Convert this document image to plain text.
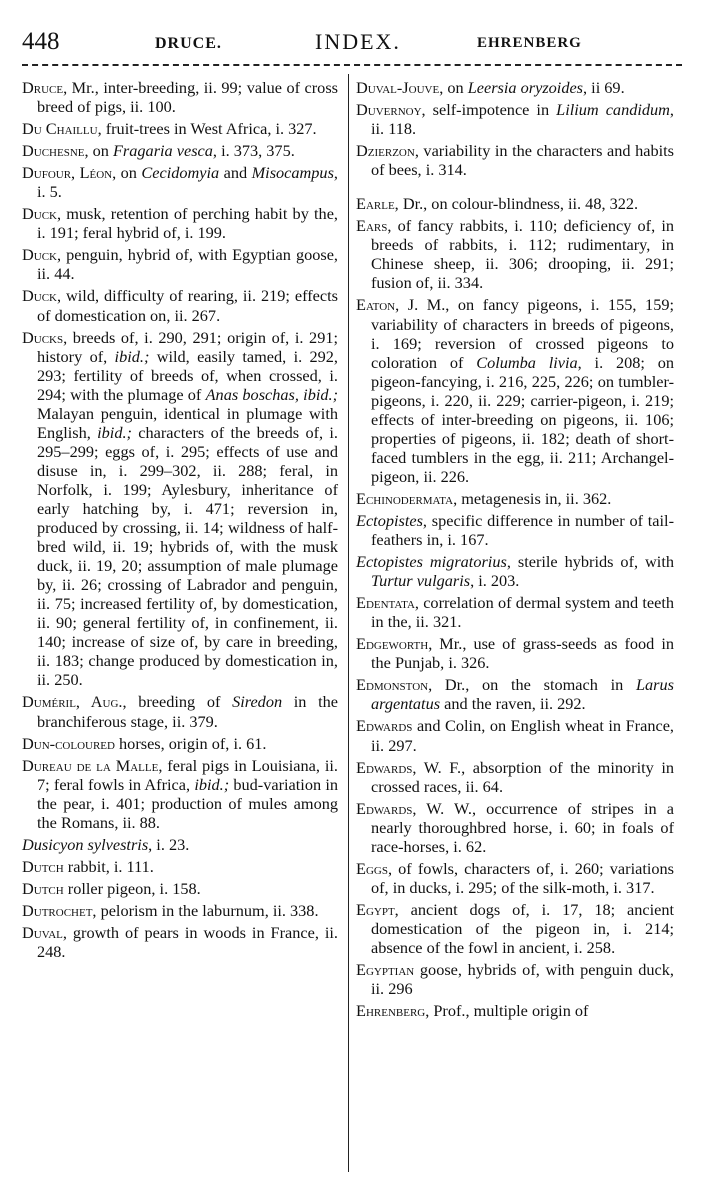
448	DRUCE.	INDEX.	EHRENBERG
Druce, Mr., inter-breeding, ii. 99; value of cross breed of pigs, ii. 100.
Du Chaillu, fruit-trees in West Africa, i. 327.
Duchesne, on Fragaria vesca, i. 373, 375.
Dufour, Léon, on Cecidomyia and Misocampus, i. 5.
Duck, musk, retention of perching habit by the, i. 191; feral hybrid of, i. 199.
Duck, penguin, hybrid of, with Egyptian goose, ii. 44.
Duck, wild, difficulty of rearing, ii. 219; effects of domestication on, ii. 267.
Ducks, breeds of, i. 290, 291; origin of, i. 291; history of, ibid.; wild, easily tamed, i. 292, 293; fertility of breeds of, when crossed, i. 294; with the plumage of Anas boschas, ibid.; Malayan penguin, identical in plumage with English, ibid.; characters of the breeds of, i. 295–299; eggs of, i. 295; effects of use and disuse in, i. 299–302, ii. 288; feral, in Norfolk, i. 199; Aylesbury, inheritance of early hatching by, i. 471; reversion in, produced by crossing, ii. 14; wildness of half-bred wild, ii. 19; hybrids of, with the musk duck, ii. 19, 20; assumption of male plumage by, ii. 26; crossing of Labrador and penguin, ii. 75; increased fertility of, by domestication, ii. 90; general fertility of, in confinement, ii. 140; increase of size of, by care in breeding, ii. 183; change produced by domestication in, ii. 250.
Duméril, Aug., breeding of Siredon in the branchiferous stage, ii. 379.
Dun-coloured horses, origin of, i. 61.
Dureau de la Malle, feral pigs in Louisiana, ii. 7; feral fowls in Africa, ibid.; bud-variation in the pear, i. 401; production of mules among the Romans, ii. 88.
Dusicyon sylvestris, i. 23.
Dutch rabbit, i. 111.
Dutch roller pigeon, i. 158.
Dutrochet, pelorism in the laburnum, ii. 338.
Duval, growth of pears in woods in France, ii. 248.
Duval-Jouve, on Leersia oryzoides, ii 69.
Duvernoy, self-impotence in Lilium candidum, ii. 118.
Dzierzon, variability in the characters and habits of bees, i. 314.
Earle, Dr., on colour-blindness, ii. 48, 322.
Ears, of fancy rabbits, i. 110; deficiency of, in breeds of rabbits, i. 112; rudimentary, in Chinese sheep, ii. 306; drooping, ii. 291; fusion of, ii. 334.
Eaton, J. M., on fancy pigeons, i. 155, 159; variability of characters in breeds of pigeons, i. 169; reversion of crossed pigeons to coloration of Columba livia, i. 208; on pigeon-fancying, i. 216, 225, 226; on tumbler-pigeons, i. 220, ii. 229; carrier-pigeon, i. 219; effects of inter-breeding on pigeons, ii. 106; properties of pigeons, ii. 182; death of short-faced tumblers in the egg, ii. 211; Archangel-pigeon, ii. 226.
Echinodermata, metagenesis in, ii. 362.
Ectopistes, specific difference in number of tail-feathers in, i. 167.
Ectopistes migratorius, sterile hybrids of, with Turtur vulgaris, i. 203.
Edentata, correlation of dermal system and teeth in the, ii. 321.
Edgeworth, Mr., use of grass-seeds as food in the Punjab, i. 326.
Edmonston, Dr., on the stomach in Larus argentatus and the raven, ii. 292.
Edwards and Colin, on English wheat in France, ii. 297.
Edwards, W. F., absorption of the minority in crossed races, ii. 64.
Edwards, W. W., occurrence of stripes in a nearly thoroughbred horse, i. 60; in foals of race-horses, i. 62.
Eggs, of fowls, characters of, i. 260; variations of, in ducks, i. 295; of the silk-moth, i. 317.
Egypt, ancient dogs of, i. 17, 18; ancient domestication of the pigeon in, i. 214; absence of the fowl in ancient, i. 258.
Egyptian goose, hybrids of, with penguin duck, ii. 296
Ehrenberg, Prof., multiple origin of
